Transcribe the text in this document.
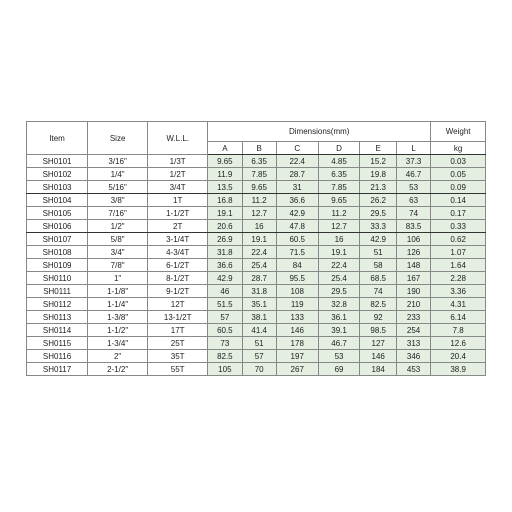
Item	Size	W.L.L.	Dimensions(mm)						Weight
			A	B	C	D	E	L	kg
SH0101	3/16"	1/3T	9.65	6.35	22.4	4.85	15.2	37.3	0.03
SH0102	1/4"	1/2T	11.9	7.85	28.7	6.35	19.8	46.7	0.05
SH0103	5/16"	3/4T	13.5	9.65	31	7.85	21.3	53	0.09
SH0104	3/8"	1T	16.8	11.2	36.6	9.65	26.2	63	0.14
SH0105	7/16"	1-1/2T	19.1	12.7	42.9	11.2	29.5	74	0.17
SH0106	1/2"	2T	20.6	16	47.8	12.7	33.3	83.5	0.33
SH0107	5/8"	3-1/4T	26.9	19.1	60.5	16	42.9	106	0.62
SH0108	3/4"	4-3/4T	31.8	22.4	71.5	19.1	51	126	1.07
SH0109	7/8"	6-1/2T	36.6	25.4	84	22.4	58	148	1.64
SH0110	1"	8-1/2T	42.9	28.7	95.5	25.4	68.5	167	2.28
SH0111	1-1/8"	9-1/2T	46	31.8	108	29.5	74	190	3.36
SH0112	1-1/4"	12T	51.5	35.1	119	32.8	82.5	210	4.31
SH0113	1-3/8"	13-1/2T	57	38.1	133	36.1	92	233	6.14
SH0114	1-1/2"	17T	60.5	41.4	146	39.1	98.5	254	7.8
SH0115	1-3/4"	25T	73	51	178	46.7	127	313	12.6
SH0116	2"	35T	82.5	57	197	53	146	346	20.4
SH0117	2-1/2"	55T	105	70	267	69	184	453	38.9
